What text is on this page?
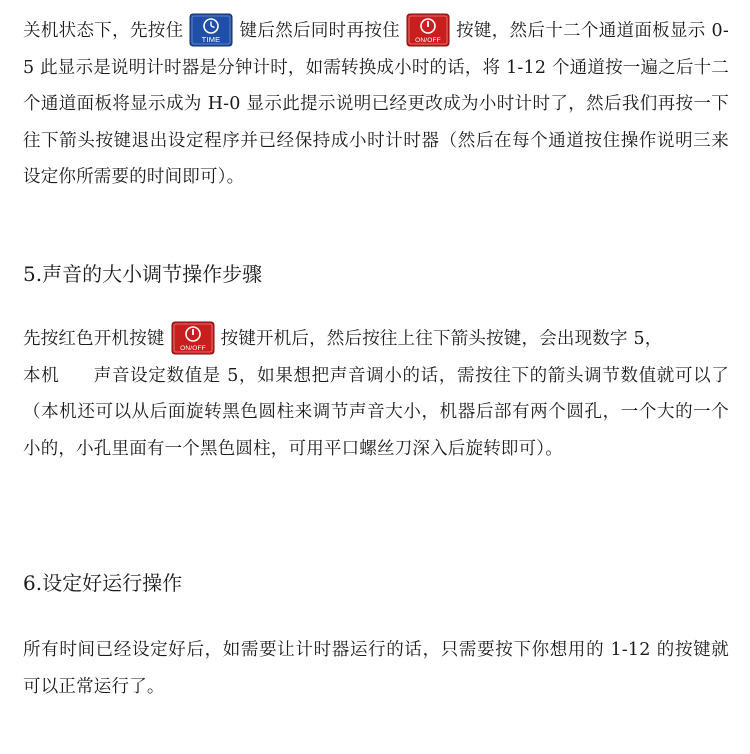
关机状态下，先按住 TIME 键后然后同时再按住 ON/OFF 按键，然后十二个通道面板显示 0-5 此显示是说明计时器是分钟计时，如需转换成小时的话，将 1-12 个通道按一遍之后十二个通道面板将显示成为 H-0 显示此提示说明已经更改成为小时计时了，然后我们再按一下往下箭头按键退出设定程序并已经保持成小时计时器（然后在每个通道按住操作说明三来设定你所需要的时间即可）。

5.声音的大小调节操作步骤

先按红色开机按键 ON/OFF 按键开机后，然后按往上往下箭头按键，会出现数字 5，
本机 声音设定数值是 5，如果想把声音调小的话，需按往下的箭头调节数值就可以了（本机还可以从后面旋转黑色圆柱来调节声音大小，机器后部有两个圆孔，一个大的一个小的，小孔里面有一个黑色圆柱，可用平口螺丝刀深入后旋转即可）。

6.设定好运行操作

所有时间已经设定好后，如需要让计时器运行的话，只需要按下你想用的 1-12 的按键就可以正常运行了。
